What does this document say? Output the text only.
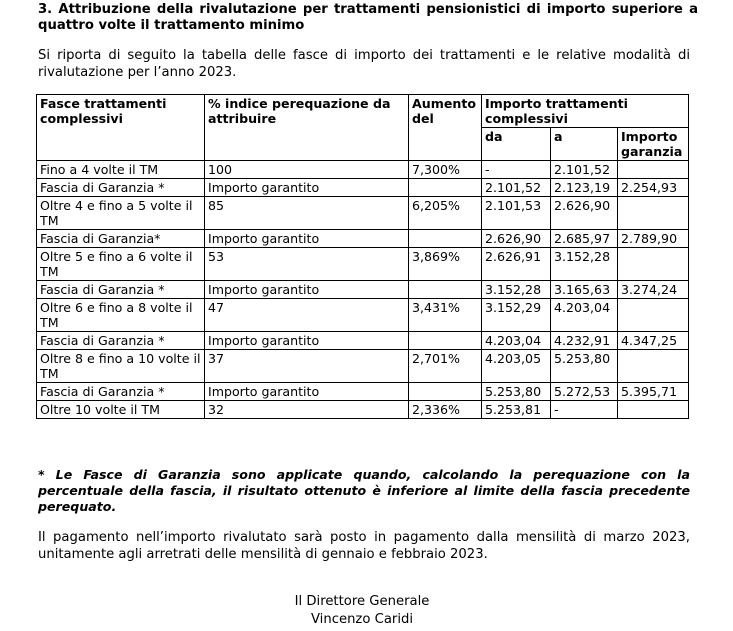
3. Attribuzione della rivalutazione per trattamenti pensionistici di importo superiore a quattro volte il trattamento minimo
Si riporta di seguito la tabella delle fasce di importo dei trattamenti e le relative modalità di rivalutazione per l’anno 2023.
Fasce trattamenti complessivi	% indice perequazione da attribuire	Aumento del	Importo trattamenti complessivi		
			da	a	Importo garanzia
Fino a 4 volte il TM	100	7,300%	-	2.101,52	
Fascia di Garanzia *	Importo garantito		2.101,52	2.123,19	2.254,93
Oltre 4 e fino a 5 volte il TM	85	6,205%	2.101,53	2.626,90	
Fascia di Garanzia*	Importo garantito		2.626,90	2.685,97	2.789,90
Oltre 5 e fino a 6 volte il TM	53	3,869%	2.626,91	3.152,28	
Fascia di Garanzia *	Importo garantito		3.152,28	3.165,63	3.274,24
Oltre 6 e fino a 8 volte il TM	47	3,431%	3.152,29	4.203,04	
Fascia di Garanzia *	Importo garantito		4.203,04	4.232,91	4.347,25
Oltre 8 e fino a 10 volte il TM	37	2,701%	4.203,05	5.253,80	
Fascia di Garanzia *	Importo garantito		5.253,80	5.272,53	5.395,71
Oltre 10 volte il TM	32	2,336%	5.253,81	-	
* Le Fasce di Garanzia sono applicate quando, calcolando la perequazione con la percentuale della fascia, il risultato ottenuto è inferiore al limite della fascia precedente perequato.
Il pagamento nell’importo rivalutato sarà posto in pagamento dalla mensilità di marzo 2023, unitamente agli arretrati delle mensilità di gennaio e febbraio 2023.
Il Direttore Generale
Vincenzo Caridi
